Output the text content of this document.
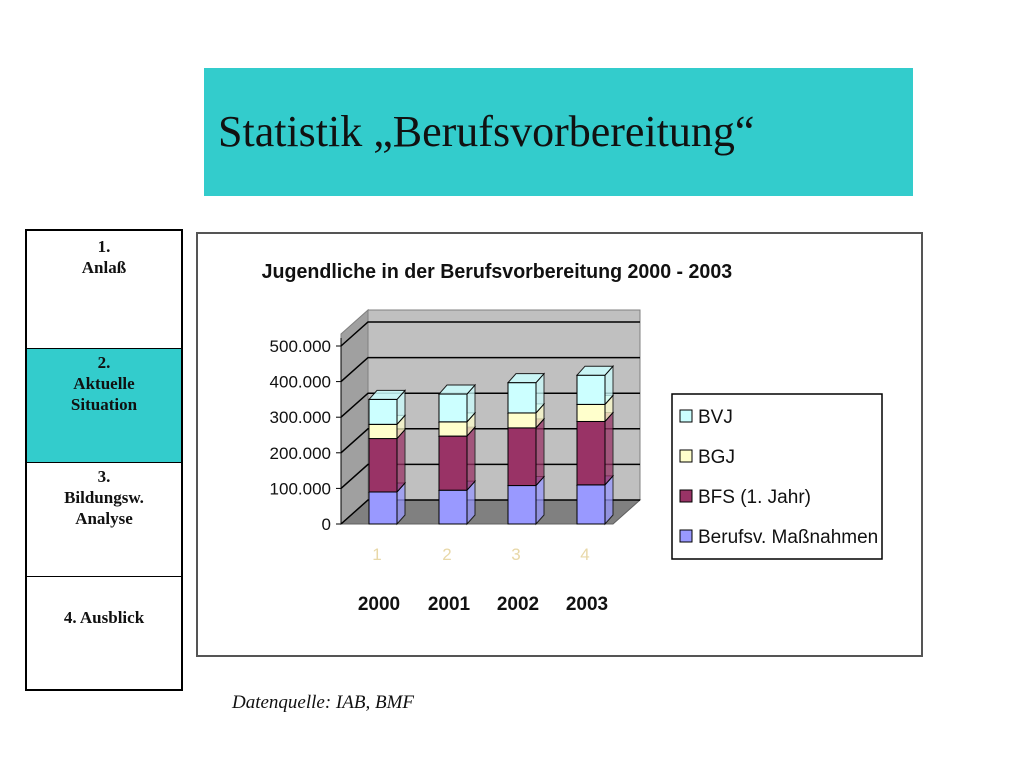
Statistik „Berufsvorbereitung“
1.
Anlaß
2.
Aktuelle
Situation
3.
Bildungsw.
Analyse
4. Ausblick
Jugendliche in der Berufsvorbereitung 2000 - 2003
0
100.000
200.000
300.000
400.000
500.000
1
2000
2
2001
3
2002
4
2003
BVJ
BGJ
BFS (1. Jahr)
Berufsv. Maßnahmen
Datenquelle: IAB, BMF
